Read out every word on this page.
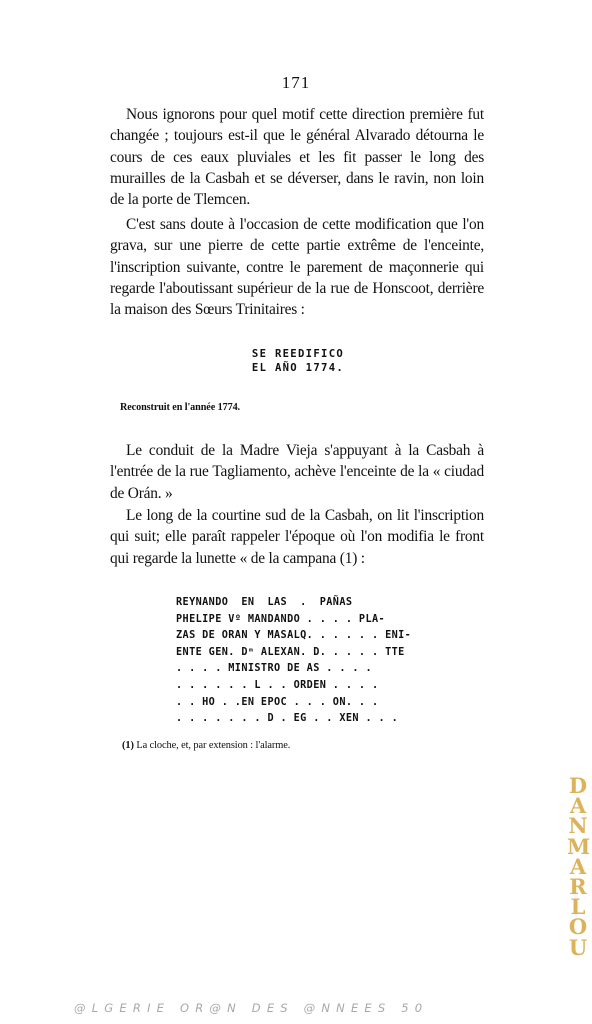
171

Nous ignorons pour quel motif cette direction première fut changée ; toujours est-il que le général Alvarado détourna le cours de ces eaux pluviales et les fit passer le long des murailles de la Casbah et se déverser, dans le ravin, non loin de la porte de Tlemcen.

C'est sans doute à l'occasion de cette modification que l'on grava, sur une pierre de cette partie extrême de l'enceinte, l'inscription suivante, contre le parement de maçonnerie qui regarde l'aboutissant supérieur de la rue de Honscoot, derrière la maison des Sœurs Trinitaires :

SE REEDIFICO
EL AÑO 1774.
Reconstruit en l'année 1774.

Le conduit de la Madre Vieja s'appuyant à la Casbah à l'entrée de la rue Tagliamento, achève l'enceinte de la « ciudad de Orán. »

Le long de la courtine sud de la Casbah, on lit l'inscription qui suit; elle paraît rappeler l'époque où l'on modifia le front qui regarde la lunette « de la campana (1) :

REYNANDO  EN  LAS  .  PAÑAS
PHELIPE Vº MANDANDO . . . . PLA-
ZAS DE ORAN Y MASALQ. . . . . . ENI-
ENTE GEN. Dᵐ ALEXAN. D. . . . . TTE
. . . . MINISTRO DE AS . . . .
. . . . . . L . . ORDEN . . . .
. . HO . .EN EPOC . . . ON. . .
. . . . . . . D . EG . . XEN . . .
(1) La cloche, et, par extension : l'alarme.
D
A
N
M
A
R
L
O
U
@LGERIE OR@N DES @NNEES 50
